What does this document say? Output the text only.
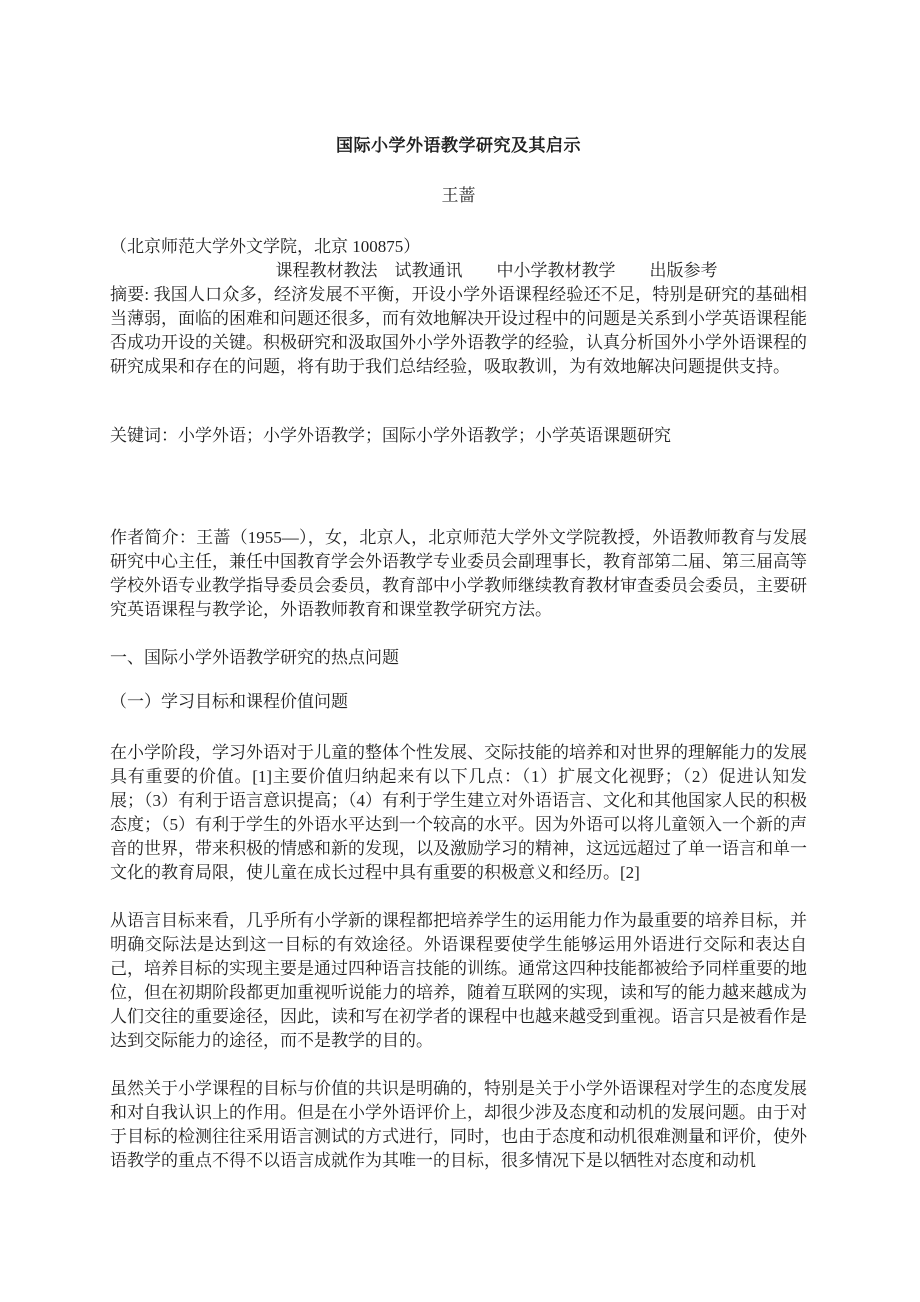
国际小学外语教学研究及其启示
王蔷
（北京师范大学外文学院，北京 100875）
课程教材教法　试教通讯　　中小学教材教学　　出版参考
摘要: 我国人口众多，经济发展不平衡，开设小学外语课程经验还不足，特别是研究的基础相当薄弱，面临的困难和问题还很多，而有效地解决开设过程中的问题是关系到小学英语课程能否成功开设的关键。积极研究和汲取国外小学外语教学的经验，认真分析国外小学外语课程的研究成果和存在的问题，将有助于我们总结经验，吸取教训，为有效地解决问题提供支持。
关键词：小学外语；小学外语教学；国际小学外语教学；小学英语课题研究
作者简介：王蔷（1955—），女，北京人，北京师范大学外文学院教授，外语教师教育与发展研究中心主任，兼任中国教育学会外语教学专业委员会副理事长，教育部第二届、第三届高等学校外语专业教学指导委员会委员，教育部中小学教师继续教育教材审查委员会委员，主要研究英语课程与教学论，外语教师教育和课堂教学研究方法。
一、国际小学外语教学研究的热点问题
（一）学习目标和课程价值问题
在小学阶段，学习外语对于儿童的整体个性发展、交际技能的培养和对世界的理解能力的发展具有重要的价值。[1]主要价值归纳起来有以下几点：（1）扩展文化视野；（2）促进认知发展；（3）有利于语言意识提高；（4）有利于学生建立对外语语言、文化和其他国家人民的积极态度；（5）有利于学生的外语水平达到一个较高的水平。因为外语可以将儿童领入一个新的声音的世界，带来积极的情感和新的发现，以及激励学习的精神，这远远超过了单一语言和单一文化的教育局限，使儿童在成长过程中具有重要的积极意义和经历。[2]
从语言目标来看，几乎所有小学新的课程都把培养学生的运用能力作为最重要的培养目标，并明确交际法是达到这一目标的有效途径。外语课程要使学生能够运用外语进行交际和表达自己，培养目标的实现主要是通过四种语言技能的训练。通常这四种技能都被给予同样重要的地位，但在初期阶段都更加重视听说能力的培养，随着互联网的实现，读和写的能力越来越成为人们交往的重要途径，因此，读和写在初学者的课程中也越来越受到重视。语言只是被看作是达到交际能力的途径，而不是教学的目的。
虽然关于小学课程的目标与价值的共识是明确的，特别是关于小学外语课程对学生的态度发展和对自我认识上的作用。但是在小学外语评价上，却很少涉及态度和动机的发展问题。由于对于目标的检测往往采用语言测试的方式进行，同时，也由于态度和动机很难测量和评价，使外语教学的重点不得不以语言成就作为其唯一的目标，很多情况下是以牺牲对态度和动机
